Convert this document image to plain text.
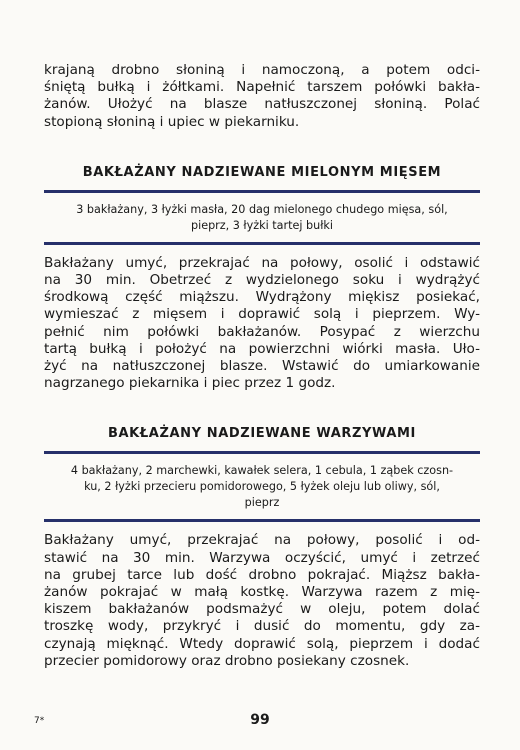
krajaną drobno słoniną i namoczoną, a potem odci-
śniętą bułką i żółtkami. Napełnić tarszem połówki bakła-
żanów. Ułożyć na blasze natłuszczonej słoniną. Polać
stopioną słoniną i upiec w piekarniku.

BAKŁAŻANY NADZIEWANE MIELONYM MIĘSEM
3 bakłażany, 3 łyżki masła, 20 dag mielonego chudego mięsa, sól,
pieprz, 3 łyżki tartej bułki

Bakłażany umyć, przekrajać na połowy, osolić i odstawić
na 30 min. Obetrzeć z wydzielonego soku i wydrążyć
środkową część miąższu. Wydrążony miękisz posiekać,
wymieszać z mięsem i doprawić solą i pieprzem. Wy-
pełnić nim połówki bakłażanów. Posypać z wierzchu
tartą bułką i położyć na powierzchni wiórki masła. Uło-
żyć na natłuszczonej blasze. Wstawić do umiarkowanie
nagrzanego piekarnika i piec przez 1 godz.

BAKŁAŻANY NADZIEWANE WARZYWAMI
4 bakłażany, 2 marchewki, kawałek selera, 1 cebula, 1 ząbek czosn-
ku, 2 łyżki przecieru pomidorowego, 5 łyżek oleju lub oliwy, sól,
pieprz

Bakłażany umyć, przekrajać na połowy, posolić i od-
stawić na 30 min. Warzywa oczyścić, umyć i zetrzeć
na grubej tarce lub dość drobno pokrajać. Miąższ bakła-
żanów pokrajać w małą kostkę. Warzywa razem z mię-
kiszem bakłażanów podsmażyć w oleju, potem dolać
troszkę wody, przykryć i dusić do momentu, gdy za-
czynają mięknąć. Wtedy doprawić solą, pieprzem i dodać
przecier pomidorowy oraz drobno posiekany czosnek.

7*	99
